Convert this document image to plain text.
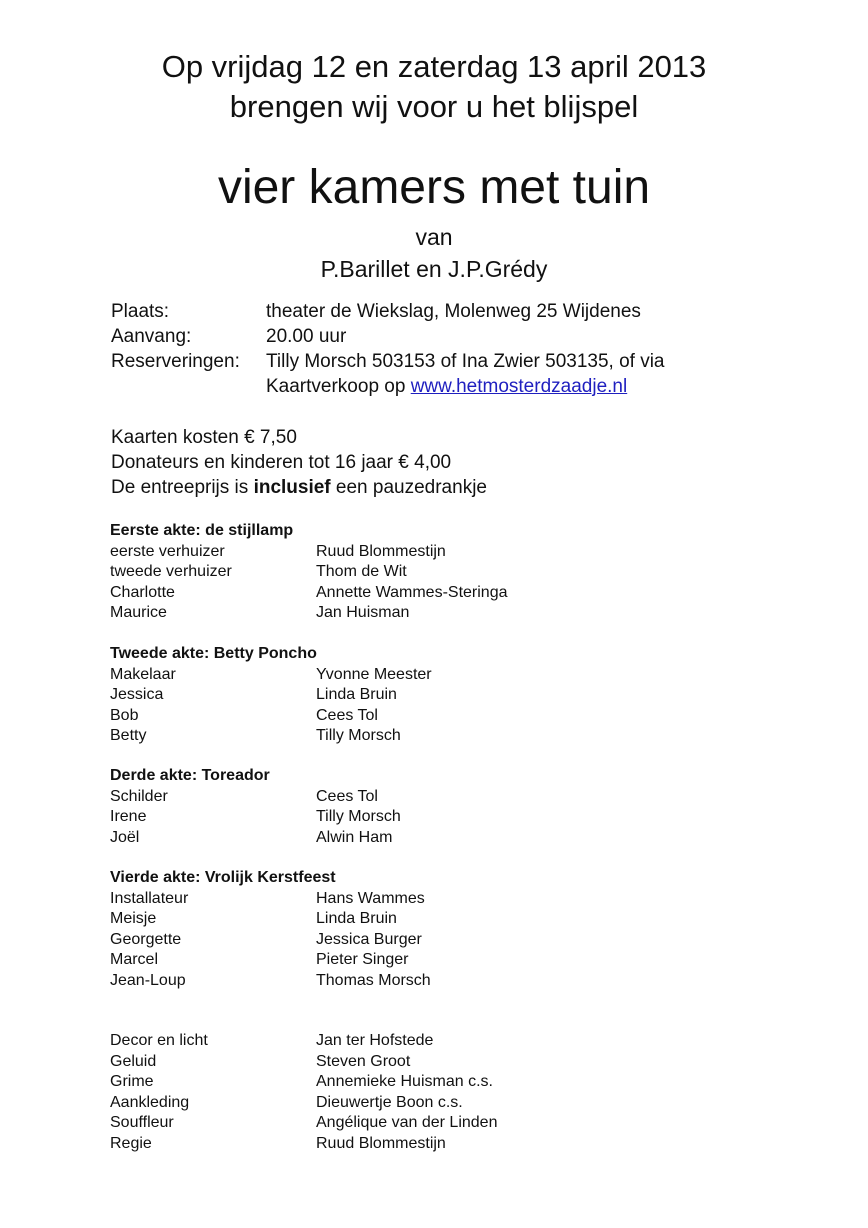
Op vrijdag 12 en zaterdag 13 april 2013
brengen wij voor u het blijspel
vier kamers met tuin
van
P.Barillet en J.P.Grédy
Plaats:	theater de Wiekslag, Molenweg 25 Wijdenes
Aanvang:	20.00 uur
Reserveringen: Tilly Morsch 503153 of Ina Zwier 503135, of via
Kaartverkoop op www.hetmosterdzaadje.nl
Kaarten kosten € 7,50
Donateurs en kinderen tot 16 jaar € 4,00
De entreeprijs is inclusief een pauzedrankje
Eerste akte: de stijllamp
eerste verhuizer	Ruud Blommestijn
tweede verhuizer	Thom de Wit
Charlotte	Annette Wammes-Steringa
Maurice	Jan Huisman
Tweede akte: Betty Poncho
Makelaar	Yvonne Meester
Jessica	Linda Bruin
Bob	Cees Tol
Betty	Tilly Morsch
Derde akte: Toreador
Schilder	Cees Tol
Irene	Tilly Morsch
Joël	Alwin Ham
Vierde akte: Vrolijk Kerstfeest
Installateur	Hans Wammes
Meisje	Linda Bruin
Georgette	Jessica Burger
Marcel	Pieter Singer
Jean-Loup	Thomas Morsch
Decor en licht	Jan ter Hofstede
Geluid	Steven Groot
Grime	Annemieke Huisman c.s.
Aankleding	Dieuwertje Boon c.s.
Souffleur	Angélique van der Linden
Regie	Ruud Blommestijn
